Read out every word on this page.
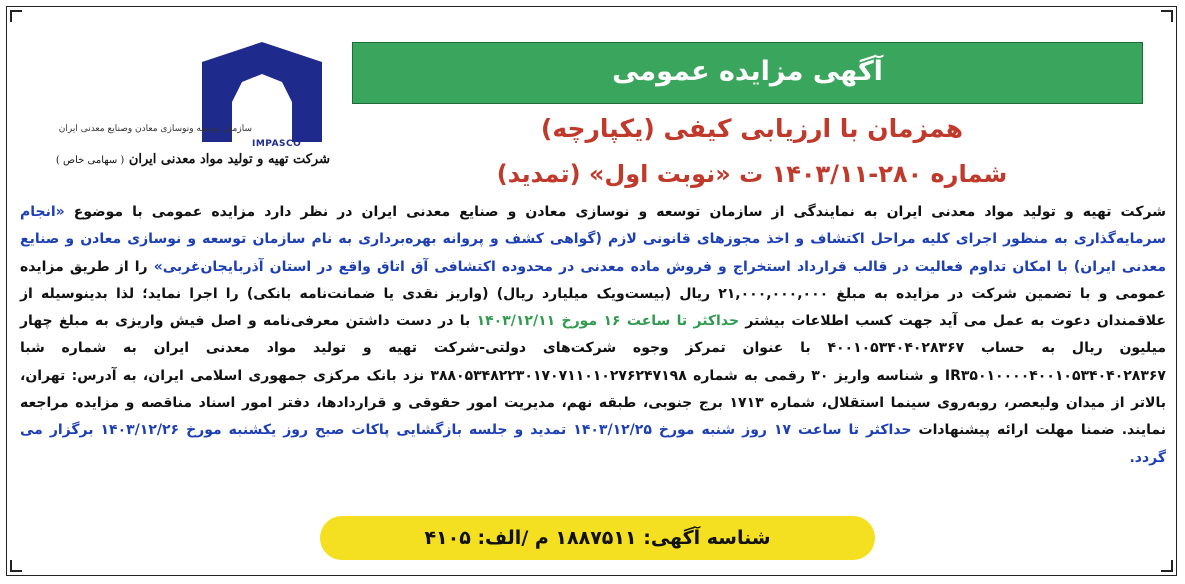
آگهی مزایده عمومی
همزمان با ارزیابی کیفی (یکپارچه)
شماره ۲۸۰-۱۴۰۳/۱۱ ت «نوبت اول» (تمدید)
IMPASCO
سازمان توسعه ونوسازی معادن وصنایع معدنی ایران
شرکت تهیه و تولید مواد معدنی ایران ( سهامی خاص )
شرکت تهیه و تولید مواد معدنی ایران به نمایندگی از سازمان توسعه و نوسازی معادن و صنایع معدنی ایران در نظر دارد مزایده عمومی با موضوع «انجام سرمایه‌گذاری به منظور اجرای کلیه مراحل اکتشاف و اخذ مجوزهای قانونی لازم (گواهی کشف و پروانه بهره‌برداری به نام سازمان توسعه و نوسازی معادن و صنایع معدنی ایران) با امکان تداوم فعالیت در قالب قرارداد استخراج و فروش ماده معدنی در محدوده اکتشافی آق اتاق واقع در استان آذربایجان‌غربی» را از طریق مزایده عمومی و با تضمین شرکت در مزایده به مبلغ ۲۱,۰۰۰,۰۰۰,۰۰۰ ریال (بیست‌ویک میلیارد ریال) (واریز نقدی یا ضمانت‌نامه بانکی) را اجرا نماید؛ لذا بدینوسیله از علاقمندان دعوت به عمل می آید جهت کسب اطلاعات بیشتر حداکثر تا ساعت ۱۶ مورخ ۱۴۰۳/۱۲/۱۱ با در دست داشتن معرفی‌نامه و اصل فیش واریزی به مبلغ چهار میلیون ریال به حساب ۴۰۰۱۰۵۳۴۰۴۰۲۸۳۶۷ با عنوان تمرکز وجوه شرکت‌های دولتی-شرکت تهیه و تولید مواد معدنی ایران به شماره شبا IR۳۵۰۱۰۰۰۰۴۰۰۱۰۵۳۴۰۴۰۲۸۳۶۷ و شناسه واریز ۳۰ رقمی به شماره ۳۸۸۰۵۳۴۸۲۲۳۰۱۷۰۷۱۱۰۱۰۲۷۶۲۴۷۱۹۸ نزد بانک مرکزی جمهوری اسلامی ایران، به آدرس: تهران، بالاتر از میدان ولیعصر، روبه‌روی سینما استقلال، شماره ۱۷۱۳ برج جنوبی، طبقه نهم، مدیریت امور حقوقی و قراردادها، دفتر امور اسناد مناقصه و مزایده مراجعه نمایند. ضمنا مهلت ارائه پیشنهادات حداکثر تا ساعت ۱۷ روز شنبه مورخ ۱۴۰۳/۱۲/۲۵ تمدید و جلسه بازگشایی پاکات صبح روز یکشنبه مورخ ۱۴۰۳/۱۲/۲۶ برگزار می گردد.
شناسه آگهی: ۱۸۸۷۵۱۱ م /الف: ۴۱۰۵
